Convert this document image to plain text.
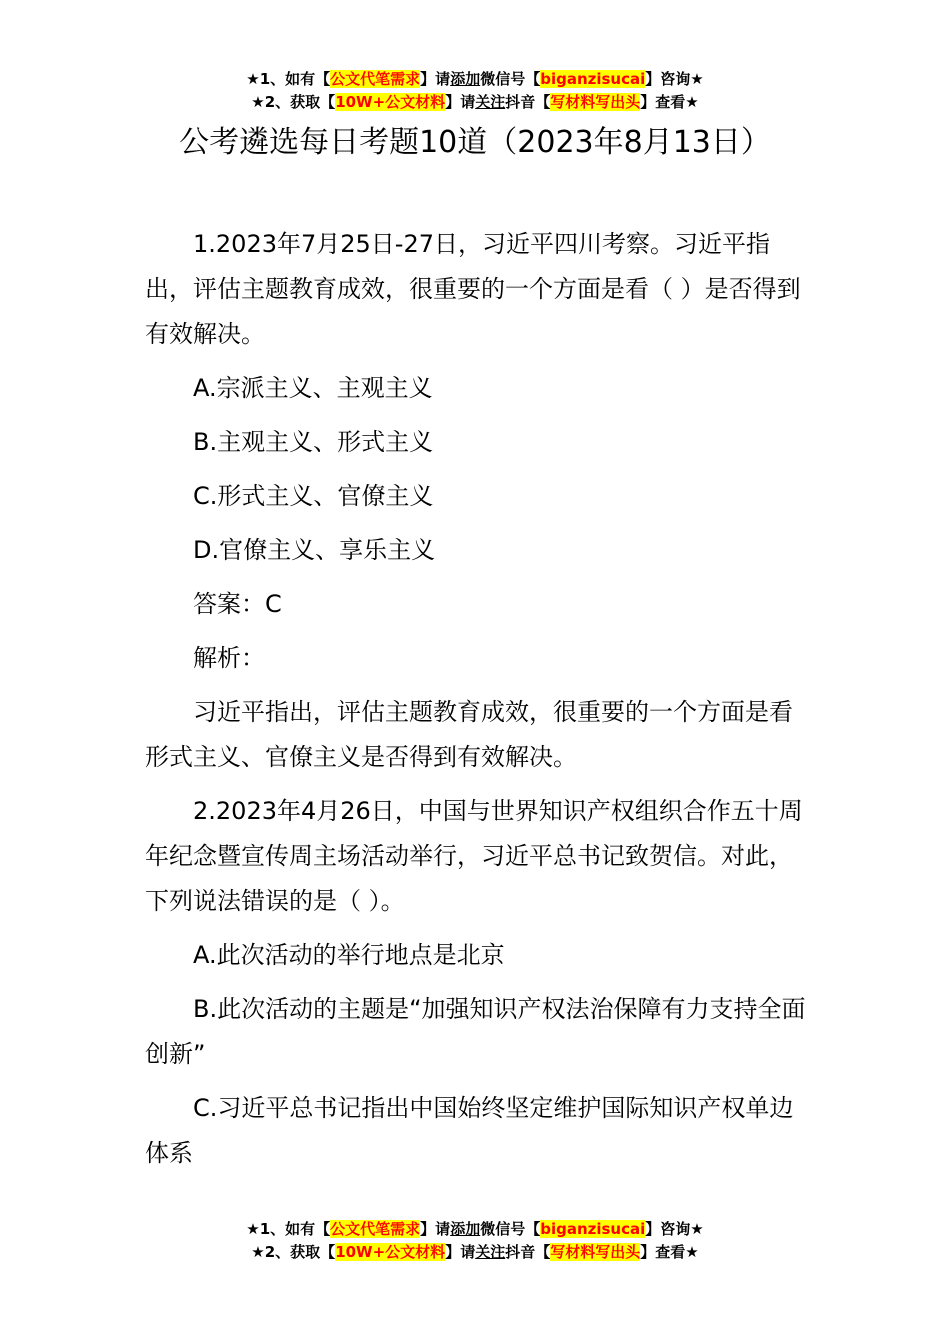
★1、如有【公文代笔需求】请添加微信号【biganzisucai】咨询★
★2、获取【10W+公文材料】请关注抖音【写材料写出头】查看★
公考遴选每日考题10道（2023年8月13日）

1.2023年7月25日-27日，习近平四川考察。习近平指出，评估主题教育成效，很重要的一个方面是看（ ）是否得到有效解决。

A.宗派主义、主观主义

B.主观主义、形式主义

C.形式主义、官僚主义

D.官僚主义、享乐主义

答案：C

解析：

习近平指出，评估主题教育成效，很重要的一个方面是看形式主义、官僚主义是否得到有效解决。

2.2023年4月26日，中国与世界知识产权组织合作五十周年纪念暨宣传周主场活动举行，习近平总书记致贺信。对此，下列说法错误的是（ ）。

A.此次活动的举行地点是北京

B.此次活动的主题是“加强知识产权法治保障有力支持全面创新”

C.习近平总书记指出中国始终坚定维护国际知识产权单边体系

★1、如有【公文代笔需求】请添加微信号【biganzisucai】咨询★
★2、获取【10W+公文材料】请关注抖音【写材料写出头】查看★
